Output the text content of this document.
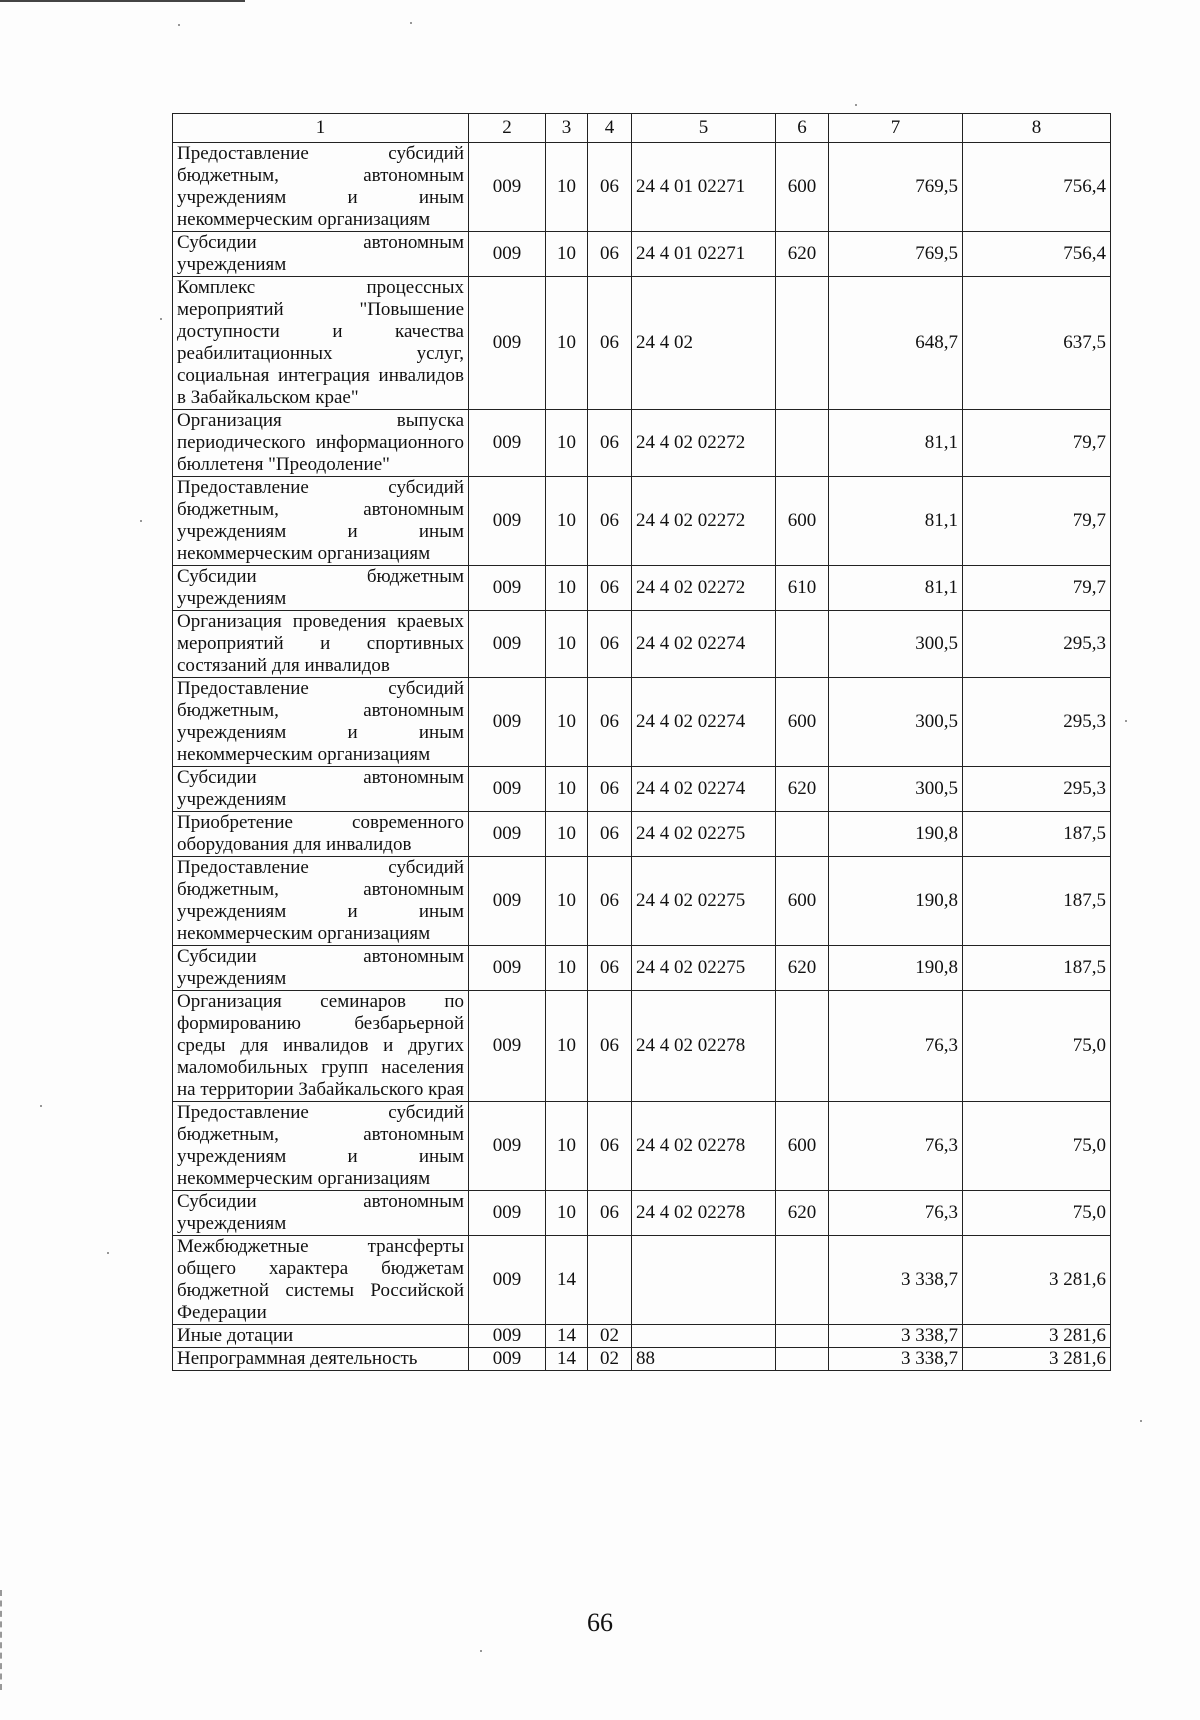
1	2	3	4	5	6	7	8
Предоставление субсидий бюджетным, автономным учреждениям и иным некоммерческим организациям	009	10	06	24 4 01 02271	600	769,5	756,4
Субсидии автономным учреждениям	009	10	06	24 4 01 02271	620	769,5	756,4
Комплекс процессных мероприятий "Повышение доступности и качества реабилитационных услуг, социальная интеграция инвалидов в Забайкальском крае"	009	10	06	24 4 02		648,7	637,5
Организация выпуска периодического информационного бюллетеня "Преодоление"	009	10	06	24 4 02 02272		81,1	79,7
Предоставление субсидий бюджетным, автономным учреждениям и иным некоммерческим организациям	009	10	06	24 4 02 02272	600	81,1	79,7
Субсидии бюджетным учреждениям	009	10	06	24 4 02 02272	610	81,1	79,7
Организация проведения краевых мероприятий и спортивных состязаний для инвалидов	009	10	06	24 4 02 02274		300,5	295,3
Предоставление субсидий бюджетным, автономным учреждениям и иным некоммерческим организациям	009	10	06	24 4 02 02274	600	300,5	295,3
Субсидии автономным учреждениям	009	10	06	24 4 02 02274	620	300,5	295,3
Приобретение современного оборудования для инвалидов	009	10	06	24 4 02 02275		190,8	187,5
Предоставление субсидий бюджетным, автономным учреждениям и иным некоммерческим организациям	009	10	06	24 4 02 02275	600	190,8	187,5
Субсидии автономным учреждениям	009	10	06	24 4 02 02275	620	190,8	187,5
Организация семинаров по формированию безбарьерной среды для инвалидов и других маломобильных групп населения на территории Забайкальского края	009	10	06	24 4 02 02278		76,3	75,0
Предоставление субсидий бюджетным, автономным учреждениям и иным некоммерческим организациям	009	10	06	24 4 02 02278	600	76,3	75,0
Субсидии автономным учреждениям	009	10	06	24 4 02 02278	620	76,3	75,0
Межбюджетные трансферты общего характера бюджетам бюджетной системы Российской Федерации	009	14				3 338,7	3 281,6
Иные дотации	009	14	02			3 338,7	3 281,6
Непрограммная деятельность	009	14	02	88		3 338,7	3 281,6
66
